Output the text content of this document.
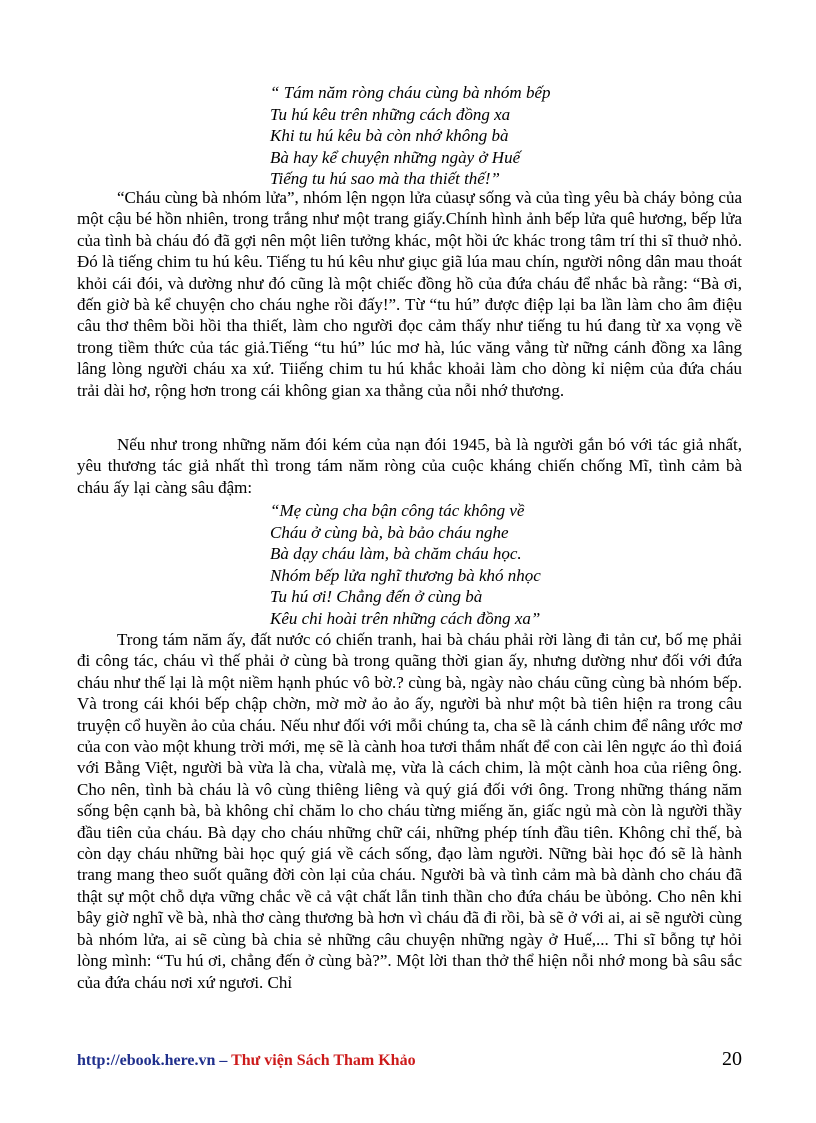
“ Tám năm ròng cháu cùng bà nhóm bếp
Tu hú kêu trên những cách đồng xa
Khi tu hú kêu bà còn nhớ không bà
Bà hay kể chuyện những ngày ở Huế
Tiếng tu hú sao mà tha thiết thế!”

“Cháu cùng bà nhóm lửa”, nhóm lện ngọn lửa củasự sống và của tìng yêu bà cháy bỏng của một cậu bé hồn nhiên, trong trắng như một trang giấy.Chính hình ảnh bếp lửa quê hương, bếp lửa của tình bà cháu đó đã gợi nên một liên tưởng khác, một hồi ức khác trong tâm trí thi sĩ thuở nhỏ. Đó là tiếng chim tu hú kêu. Tiếng tu hú kêu như giục giã lúa mau chín, người nông dân mau thoát khỏi cái đói, và dường như đó cũng là một chiếc đồng hồ của đứa cháu để nhắc bà rằng: “Bà ơi, đến giờ bà kể chuyện cho cháu nghe rồi đấy!”. Từ “tu hú” được điệp lại ba lần làm cho âm điệu câu thơ thêm bồi hồi tha thiết, làm cho người đọc cảm thấy như tiếng tu hú đang từ xa vọng về trong tiềm thức của tác giả.Tiếng “tu hú” lúc mơ hà, lúc văng vẳng từ nững cánh đồng xa lâng lâng lòng người cháu xa xứ. Tiiếng chim tu hú khắc khoải làm cho dòng kỉ niệm của đứa cháu trải dài hơ, rộng hơn trong cái không gian xa thẳng của nỗi nhớ thương.

Nếu như trong những năm đói kém của nạn đói 1945, bà là người gắn bó với tác giả nhất, yêu thương tác giả nhất thì trong tám năm ròng của cuộc kháng chiến chống Mĩ, tình cảm bà cháu ấy lại càng sâu đậm:

“Mẹ cùng cha bận công tác không về
Cháu ở cùng bà, bà bảo cháu nghe
Bà dạy cháu làm, bà chăm cháu học.
Nhóm bếp lửa nghĩ thương bà khó nhọc
Tu hú ơi! Chẳng đến ở cùng bà
Kêu chi hoài trên những cách đồng xa”

Trong tám năm ấy, đất nước có chiến tranh, hai bà cháu phải rời làng đi tản cư, bố mẹ phải đi công tác, cháu vì thế phải ở cùng bà trong quãng thời gian ấy, nhưng dường như đối với đứa cháu như thế lại là một niềm hạnh phúc vô bờ.? cùng bà, ngày nào cháu cũng cùng bà nhóm bếp. Và trong cái khói bếp chập chờn, mờ mờ ảo ảo ấy, người bà như một bà tiên hiện ra trong câu truyện cổ huyền ảo của cháu. Nếu như đối với mỗi chúng ta, cha sẽ là cánh chim để nâng ước mơ của con vào một khung trời mới, mẹ sẽ là cành hoa tươi thắm nhất để con cài lên ngực áo thì đoiá với Bằng Việt, người bà vừa là cha, vừalà mẹ, vừa là cách chim, là một cành hoa của riêng ông. Cho nên, tình bà cháu là vô cùng thiêng liêng và quý giá đối với ông. Trong những tháng năm sống bện cạnh bà, bà không chỉ chăm lo cho cháu từng miếng ăn, giấc ngủ mà còn là người thầy đầu tiên của cháu. Bà dạy cho cháu những chữ cái, những phép tính đầu tiên. Không chỉ thế, bà còn dạy cháu những bài học quý giá về cách sống, đạo làm người. Nững bài học đó sẽ là hành trang mang theo suốt quãng đời còn lại của cháu. Người bà và tình cảm mà bà dành cho cháu đã thật sự một chỗ dựa vững chắc về cả vật chất lẫn tinh thần cho đứa cháu be ùbỏng. Cho nên khi bây giờ nghĩ về bà, nhà thơ càng thương bà hơn vì cháu đã đi rồi, bà sẽ ở với ai, ai sẽ người cùng bà nhóm lửa, ai sẽ cùng bà chia sẻ những câu chuyện những ngày ở Huế,... Thi sĩ bỗng tự hỏi lòng mình: “Tu hú ơi, chẳng đến ở cùng bà?”. Một lời than thở thể hiện nỗi nhớ mong bà sâu sắc của đứa cháu nơi xứ ngươi. Chỉ

http://ebook.here.vn – Thư viện Sách Tham Khảo	20
